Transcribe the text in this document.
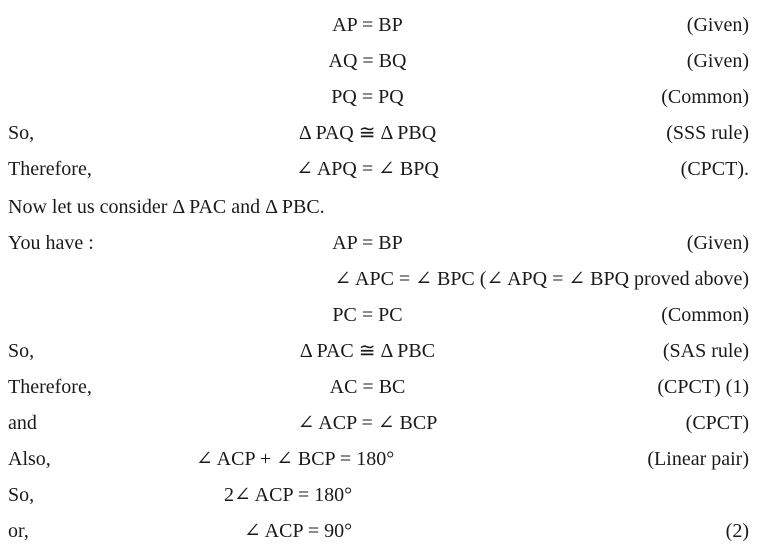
AP = BP	(Given)
AQ = BQ	(Given)
PQ = PQ	(Common)
So,	Δ PAQ ≅ Δ PBQ	(SSS rule)
Therefore,	∠ APQ = ∠ BPQ	(CPCT).
Now let us consider Δ PAC and Δ PBC.
You have :	AP = BP	(Given)
∠ APC = ∠ BPC (∠ APQ = ∠ BPQ proved above)
PC = PC	(Common)
So,	Δ PAC ≅ Δ PBC	(SAS rule)
Therefore,	AC = BC	(CPCT) (1)
and	∠ ACP = ∠ BCP	(CPCT)
Also,	∠ ACP + ∠ BCP = 180°	(Linear pair)
So,	2∠ ACP = 180°
or,	∠ ACP = 90°	(2)
